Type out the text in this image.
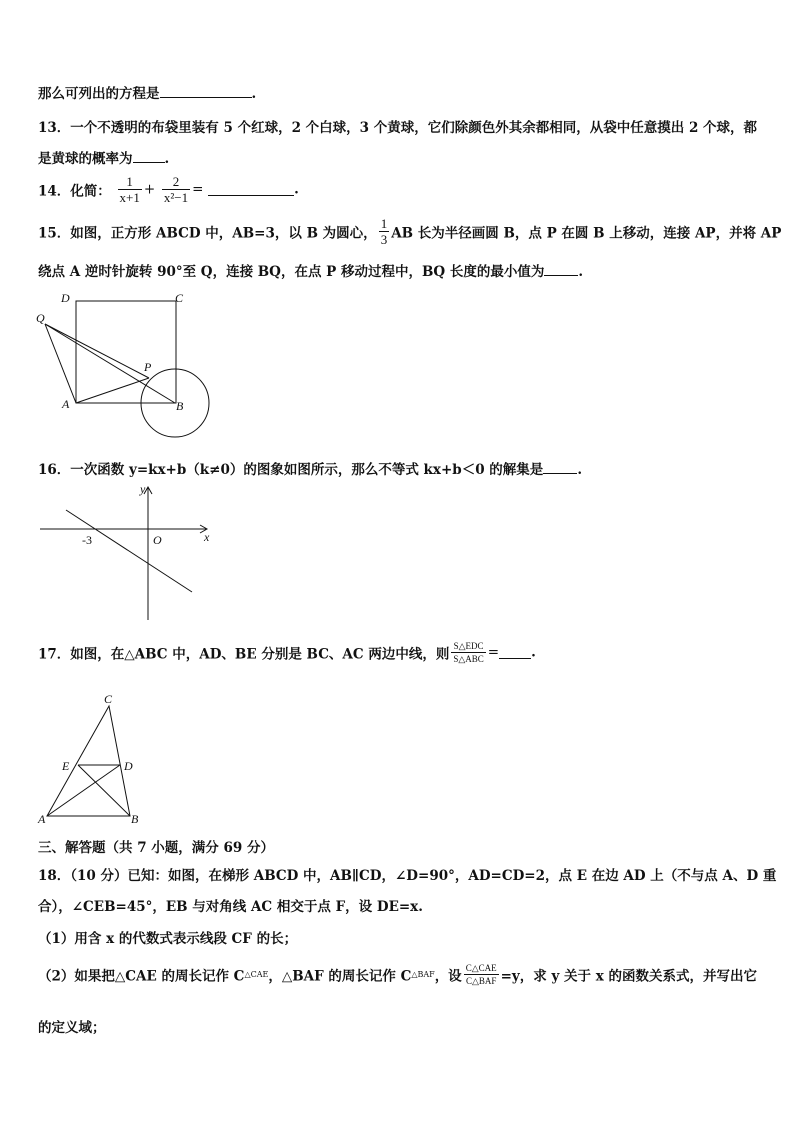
那么可列出的方程是	.
13．一个不透明的布袋里装有 5 个红球，2 个白球，3 个黄球，它们除颜色外其余都相同，从袋中任意摸出 2 个球，都
是黄球的概率为 .
14．化简： $\frac{1}{x+1} + \frac{2}{\text{x²−1}}$ =	.
15．如图，正方形 ABCD 中，AB=3，以 B 为圆心， $\frac{1}{3}$ AB 长为半径画圆 B，点 P 在圆 B 上移动，连接 AP，并将 AP
绕点 A 逆时针旋转 90°至 Q，连接 BQ，在点 P 移动过程中，BQ 长度的最小值为	.
D	C
Q
P
A	B
16．一次函数 y=kx+b（k≠0）的图象如图所示，那么不等式 kx+b＜0 的解集是	.
y
x
O
-3
17．如图，在△ABC 中，AD、BE 分别是 BC、AC 两边中线，则 $\frac{\text{S△EDC}}{\text{S△ABC}}$ = .
C
E	D
A	B
三、解答题（共 7 小题，满分 69 分）
18．（10 分）已知：如图，在梯形 ABCD 中，AB∥CD，∠D=90°，AD=CD=2，点 E 在边 AD 上（不与点 A、D 重
合），∠CEB=45°，EB 与对角线 AC 相交于点 F，设 DE=x.
（1）用含 x 的代数式表示线段 CF 的长；
（2）如果把△CAE 的周长记作 C△CAE，△BAF 的周长记作 C△BAF，设 $\frac{\text{C△CAE}}{\text{C△BAF}} =y$，求 y 关于 x 的函数关系式，并写出它
的定义域；
